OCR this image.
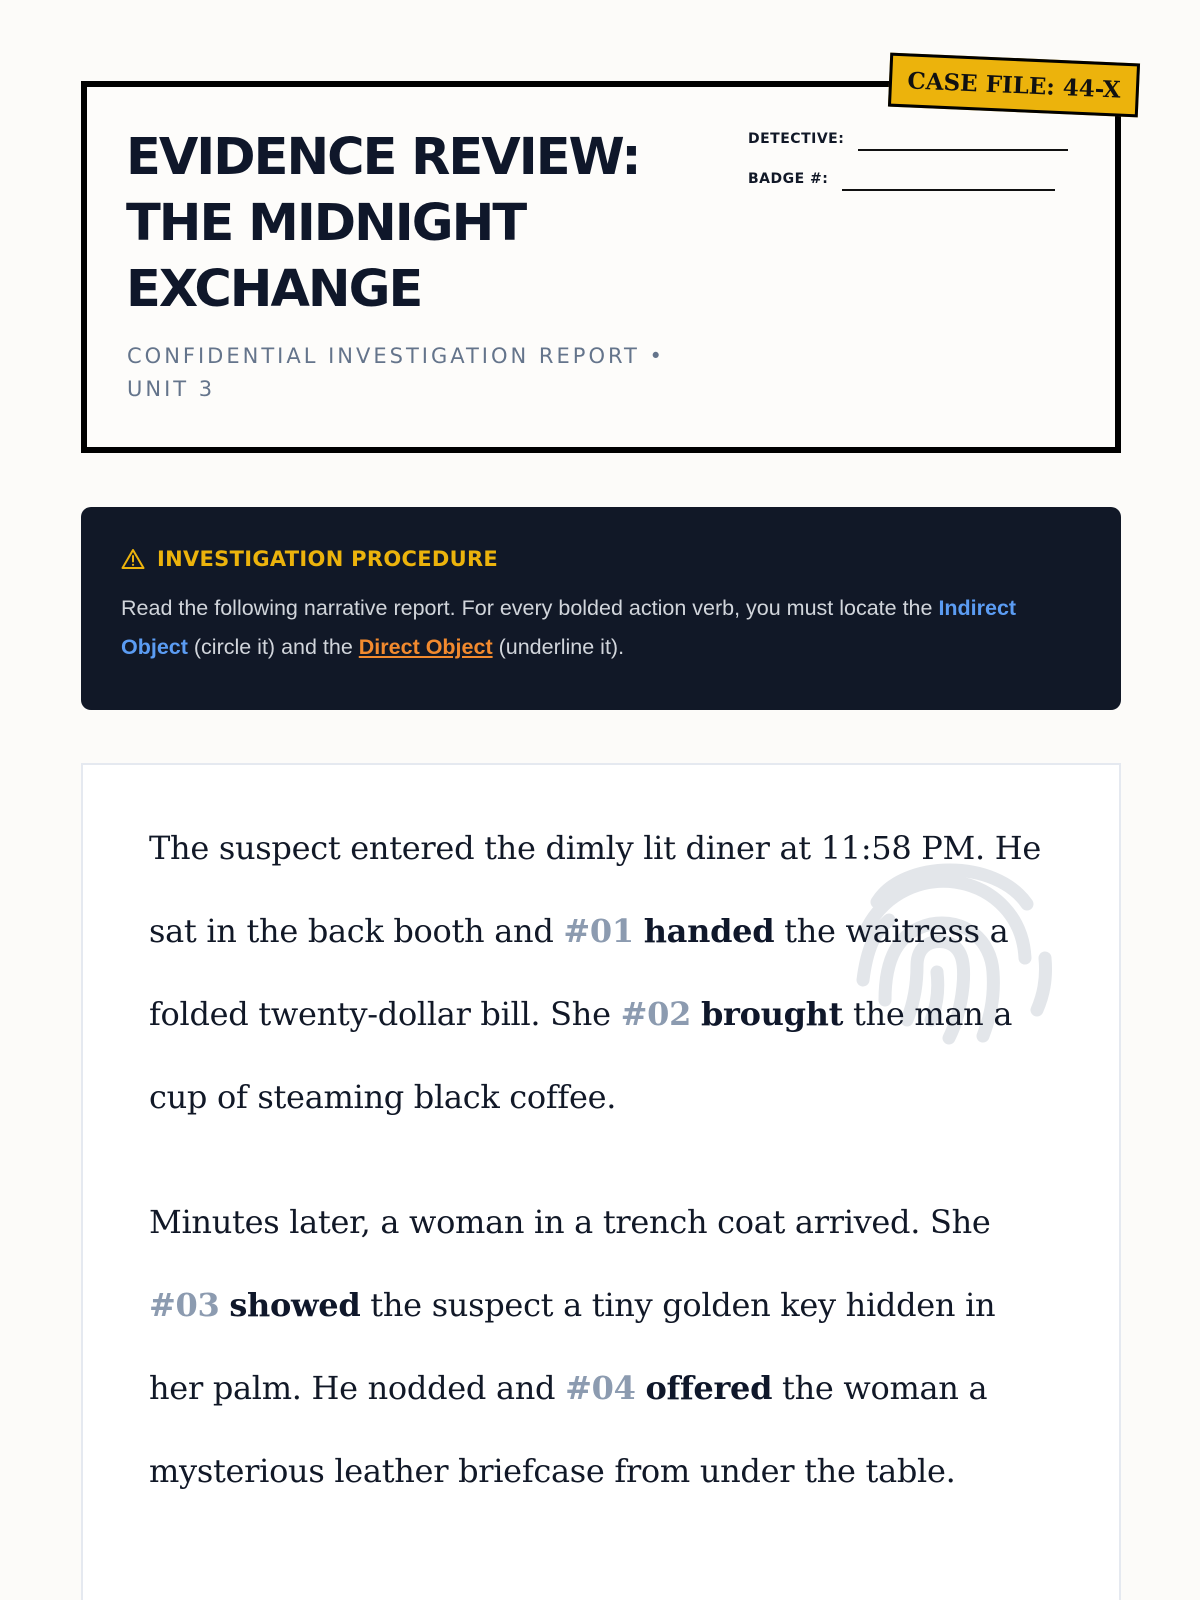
CASE FILE: 44-X
EVIDENCE REVIEW:
THE MIDNIGHT
EXCHANGE
CONFIDENTIAL INVESTIGATION REPORT • UNIT 3
DETECTIVE:
BADGE #:
INVESTIGATION PROCEDURE

Read the following narrative report. For every bolded action verb, you must locate the Indirect Object (circle it) and the Direct Object (underline it).

The suspect entered the dimly lit diner at 11:58 PM. He sat in the back booth and #01 handed the waitress a folded twenty-dollar bill. She #02 brought the man a cup of steaming black coffee.

Minutes later, a woman in a trench coat arrived. She #03 showed the suspect a tiny golden key hidden in her palm. He nodded and #04 offered the woman a mysterious leather briefcase from under the table.
